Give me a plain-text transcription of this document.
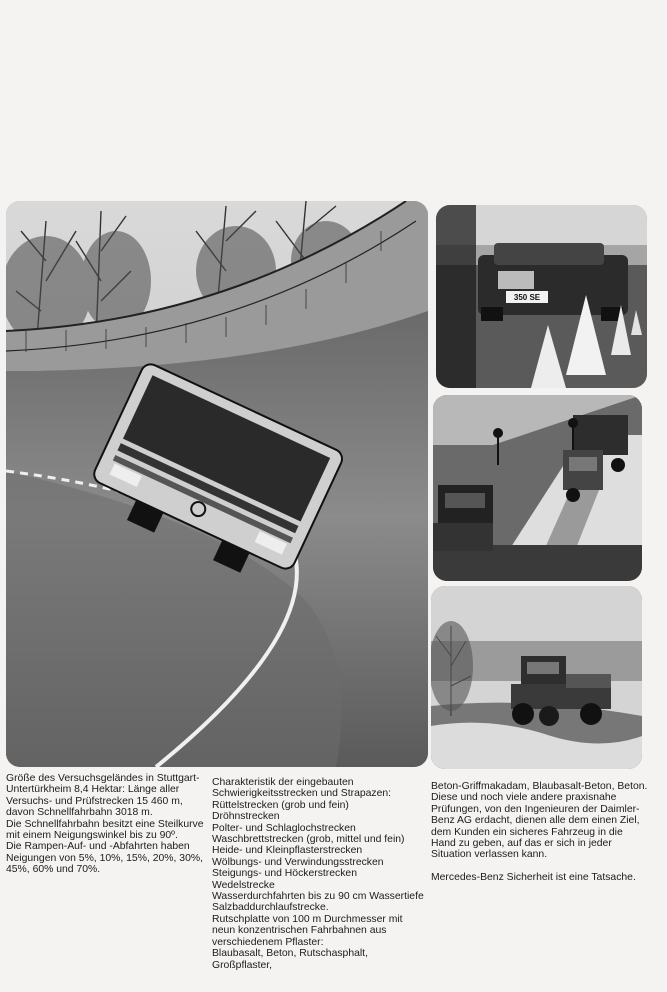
350 SE

Größe des Versuchsgeländes in Stuttgart-

Untertürkheim 8,4 Hektar: Länge aller

Versuchs- und Prüfstrecken 15 460 m,

davon Schnellfahrbahn 3018 m.

Die Schnellfahrbahn besitzt eine Steilkurve

mit einem Neigungswinkel bis zu 90º.

Die Rampen-Auf- und -Abfahrten haben

Neigungen von 5%, 10%, 15%, 20%, 30%,

45%, 60% und 70%.

Charakteristik der eingebauten

Schwierigkeitsstrecken und Strapazen:

Rüttelstrecken (grob und fein)

Dröhnstrecken

Polter- und Schlaglochstrecken

Waschbrettstrecken (grob, mittel und fein)

Heide- und Kleinpflasterstrecken

Wölbungs- und Verwindungsstrecken

Steigungs- und Höckerstrecken

Wedelstrecke

Wasserdurchfahrten bis zu 90 cm Wassertiefe

Salzbaddurchlaufstrecke.

Rutschplatte von 100 m Durchmesser mit

neun konzentrischen Fahrbahnen aus

verschiedenem Pflaster:

Blaubasalt, Beton, Rutschasphalt, Großpflaster,

Beton-Griffmakadam, Blaubasalt-Beton, Beton.

Diese und noch viele andere praxisnahe

Prüfungen, von den Ingenieuren der Daimler-

Benz AG erdacht, dienen alle dem einen Ziel,

dem Kunden ein sicheres Fahrzeug in die

Hand zu geben, auf das er sich in jeder

Situation verlassen kann.

Mercedes-Benz Sicherheit ist eine Tatsache.
